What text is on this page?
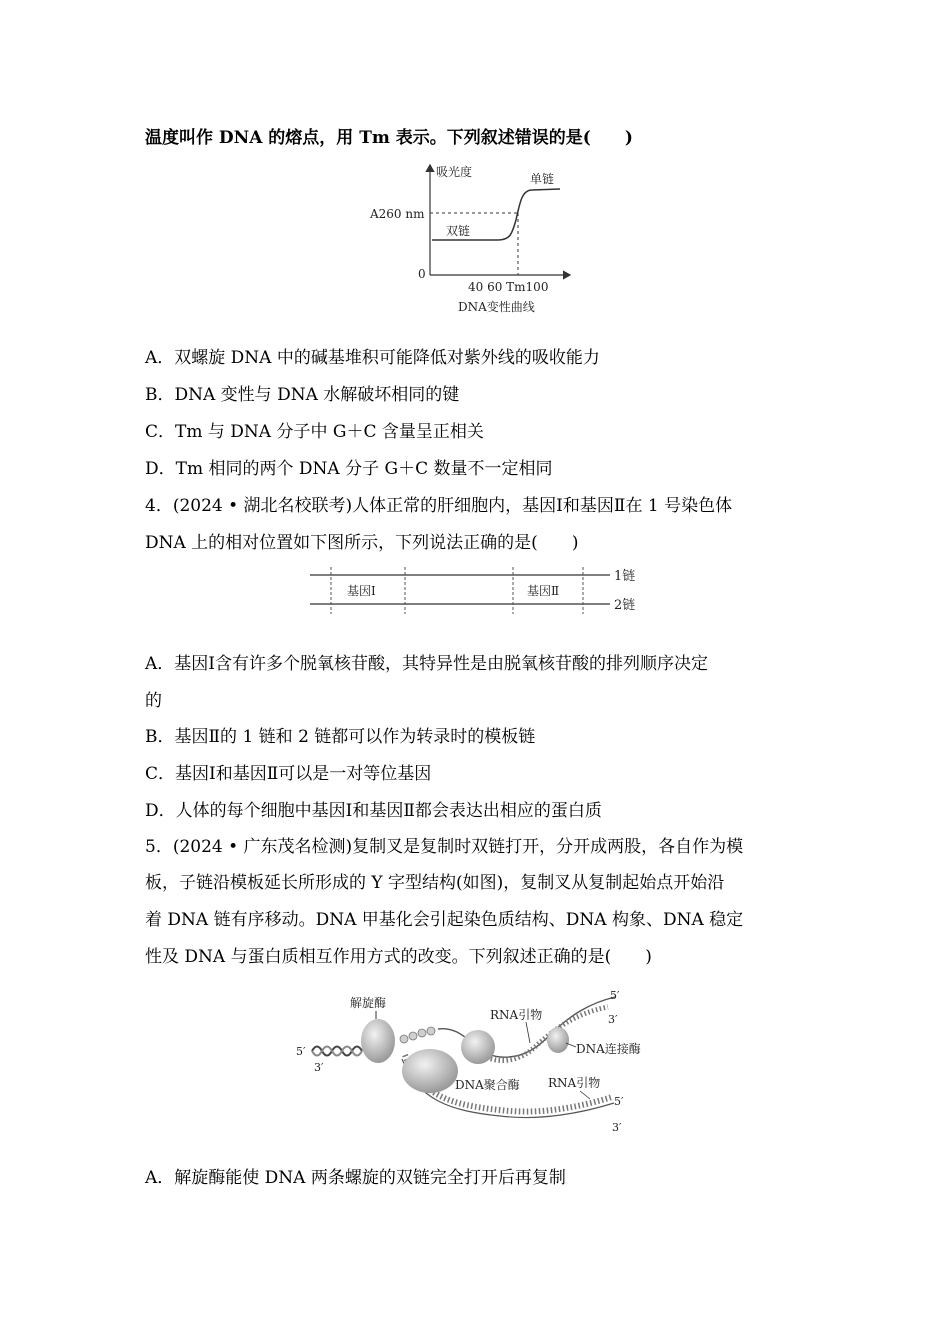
温度叫作 DNA 的熔点，用 Tm 表示。下列叙述错误的是(　　)
吸光度
A260 nm
0
单链
双链
40 60 Tm100
DNA变性曲线
A．双螺旋 DNA 中的碱基堆积可能降低对紫外线的吸收能力
B．DNA 变性与 DNA 水解破坏相同的键
C．Tm 与 DNA 分子中 G＋C 含量呈正相关
D．Tm 相同的两个 DNA 分子 G＋C 数量不一定相同
4．(2024 • 湖北名校联考)人体正常的肝细胞内，基因Ⅰ和基因Ⅱ在 1 号染色体
DNA 上的相对位置如下图所示，下列说法正确的是(　　)
基因Ⅰ	基因Ⅱ
1链
2链
A．基因Ⅰ含有许多个脱氧核苷酸，其特异性是由脱氧核苷酸的排列顺序决定
的
B．基因Ⅱ的 1 链和 2 链都可以作为转录时的模板链
C．基因Ⅰ和基因Ⅱ可以是一对等位基因
D．人体的每个细胞中基因Ⅰ和基因Ⅱ都会表达出相应的蛋白质
5．(2024 • 广东茂名检测)复制叉是复制时双链打开，分开成两股，各自作为模
板，子链沿模板延长所形成的 Y 字型结构(如图)，复制叉从复制起始点开始沿
着 DNA 链有序移动。DNA 甲基化会引起染色质结构、DNA 构象、DNA 稳定
性及 DNA 与蛋白质相互作用方式的改变。下列叙述正确的是(　　)
5′
3′
解旋酶
RNA引物
DNA连接酶
5′
3′
DNA聚合酶 RNA引物
5′
3′
A．解旋酶能使 DNA 两条螺旋的双链完全打开后再复制
